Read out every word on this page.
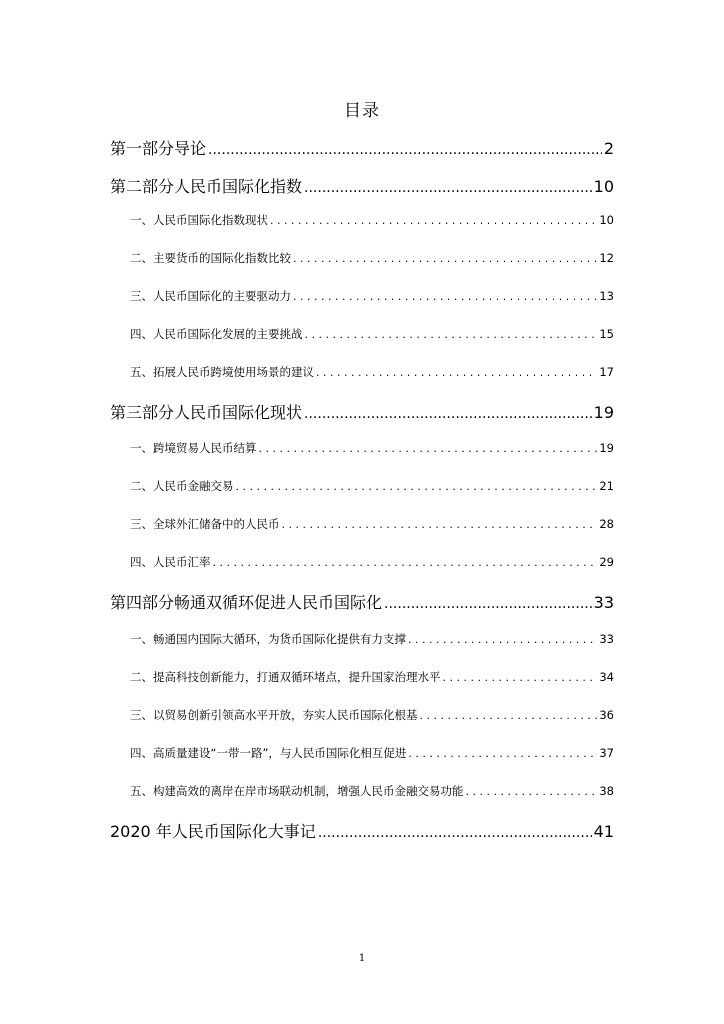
目录
第一部分导论 .....	2
第二部分人民币国际化指数 .....	10
一、人民币国际化指数现状 . . .	10
二、主要货币的国际化指数比较 . . .	12
三、人民币国际化的主要驱动力 . . .	13
四、人民币国际化发展的主要挑战 . . .	15
五、拓展人民币跨境使用场景的建议 . . .	17
第三部分人民币国际化现状 .....	19
一、跨境贸易人民币结算 . . .	19
二、人民币金融交易 . . .	21
三、全球外汇储备中的人民币 . . .	28
四、人民币汇率 . . .	29
第四部分畅通双循环促进人民币国际化 .....	33
一、畅通国内国际大循环，为货币国际化提供有力支撑 . . .	33
二、提高科技创新能力，打通双循环堵点，提升国家治理水平 . . .	34
三、以贸易创新引领高水平开放，夯实人民币国际化根基 . . .	36
四、高质量建设“一带一路”，与人民币国际化相互促进 . . .	37
五、构建高效的离岸在岸市场联动机制，增强人民币金融交易功能 . . .	38
2020 年人民币国际化大事记 .....	41
1
